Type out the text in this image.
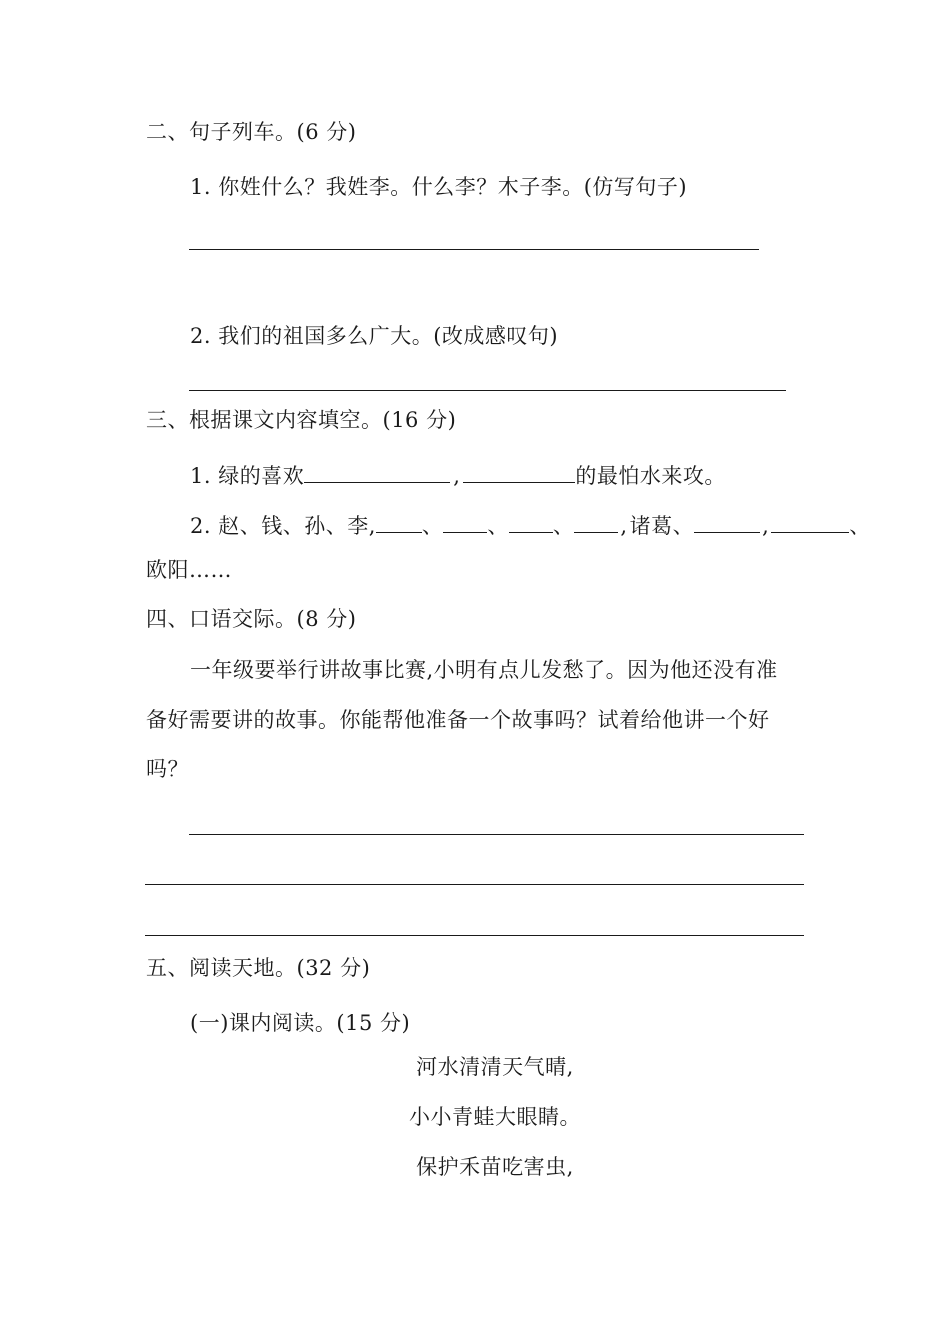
二、句子列车。(6 分)
1. 你姓什么？我姓李。什么李？木子李。(仿写句子)
2. 我们的祖国多么广大。(改成感叹句)
三、根据课文内容填空。(16 分)
1. 绿的喜欢	,	的最怕水来攻。
2. 赵、钱、孙、李, 、 、 、 , 诸葛、	,	、
欧阳……
四、口语交际。(8 分)
一年级要举行讲故事比赛,小明有点儿发愁了。因为他还没有准
备好需要讲的故事。你能帮他准备一个故事吗？试着给他讲一个好
吗？
五、阅读天地。(32 分)
(一)课内阅读。(15 分)
河水清清天气晴,
小小青蛙大眼睛。
保护禾苗吃害虫,
